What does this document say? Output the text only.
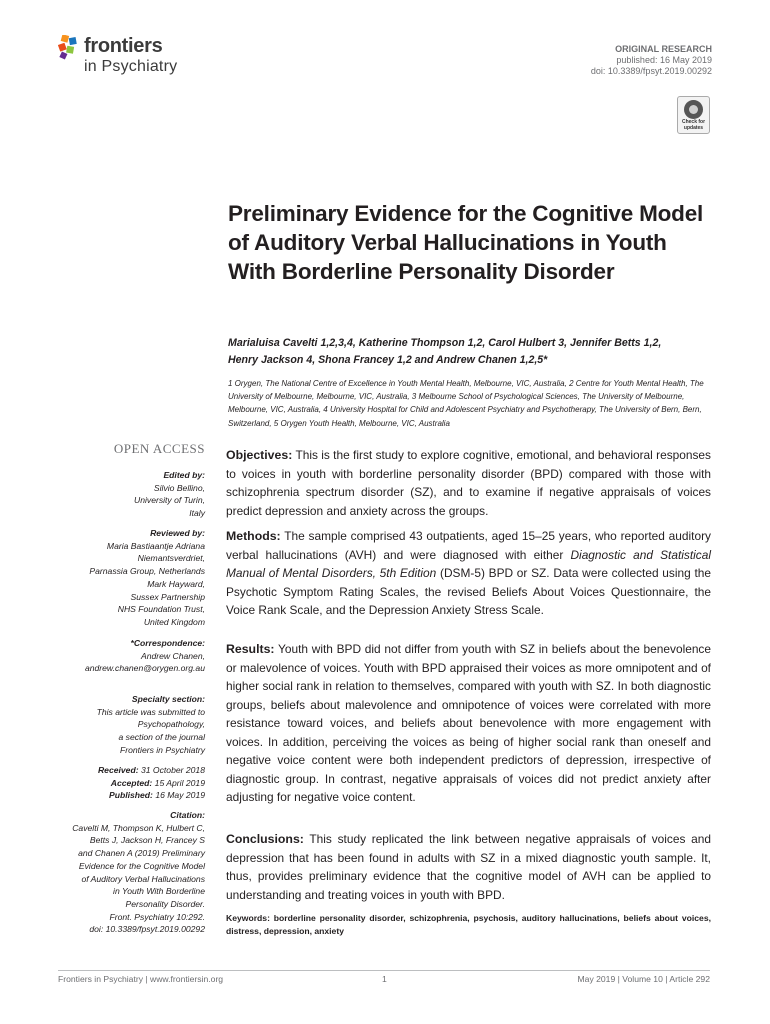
frontiers
in Psychiatry
ORIGINAL RESEARCH
published: 16 May 2019
doi: 10.3389/fpsyt.2019.00292
Check for
updates
Preliminary Evidence for the Cognitive Model of Auditory Verbal Hallucinations in Youth With Borderline Personality Disorder
Marialuisa Cavelti 1,2,3,4, Katherine Thompson 1,2, Carol Hulbert 3, Jennifer Betts 1,2,
Henry Jackson 4, Shona Francey 1,2 and Andrew Chanen 1,2,5*
1 Orygen, The National Centre of Excellence in Youth Mental Health, Melbourne, VIC, Australia, 2 Centre for Youth Mental Health, The University of Melbourne, Melbourne, VIC, Australia, 3 Melbourne School of Psychological Sciences, The University of Melbourne, Melbourne, VIC, Australia, 4 University Hospital for Child and Adolescent Psychiatry and Psychotherapy, The University of Bern, Bern, Switzerland, 5 Orygen Youth Health, Melbourne, VIC, Australia
OPEN ACCESS
Edited by:
Silvio Bellino,
University of Turin,
Italy
Reviewed by:
Maria Bastiaantje Adriana
Niemantsverdriet,
Parnassia Group, Netherlands
Mark Hayward,
Sussex Partnership
NHS Foundation Trust,
United Kingdom
*Correspondence:
Andrew Chanen,
andrew.chanen@orygen.org.au
Specialty section:
This article was submitted to
Psychopathology,
a section of the journal
Frontiers in Psychiatry
Received: 31 October 2018
Accepted: 15 April 2019
Published: 16 May 2019
Citation:
Cavelti M, Thompson K, Hulbert C,
Betts J, Jackson H, Francey S
and Chanen A (2019) Preliminary
Evidence for the Cognitive Model
of Auditory Verbal Hallucinations
in Youth With Borderline
Personality Disorder.
Front. Psychiatry 10:292.
doi: 10.3389/fpsyt.2019.00292
Objectives: This is the first study to explore cognitive, emotional, and behavioral responses to voices in youth with borderline personality disorder (BPD) compared with those with schizophrenia spectrum disorder (SZ), and to examine if negative appraisals of voices predict depression and anxiety across the groups.
Methods: The sample comprised 43 outpatients, aged 15–25 years, who reported auditory verbal hallucinations (AVH) and were diagnosed with either Diagnostic and Statistical Manual of Mental Disorders, 5th Edition (DSM-5) BPD or SZ. Data were collected using the Psychotic Symptom Rating Scales, the revised Beliefs About Voices Questionnaire, the Voice Rank Scale, and the Depression Anxiety Stress Scale.
Results: Youth with BPD did not differ from youth with SZ in beliefs about the benevolence or malevolence of voices. Youth with BPD appraised their voices as more omnipotent and of higher social rank in relation to themselves, compared with youth with SZ. In both diagnostic groups, beliefs about malevolence and omnipotence of voices were correlated with more resistance toward voices, and beliefs about benevolence with more engagement with voices. In addition, perceiving the voices as being of higher social rank than oneself and negative voice content were both independent predictors of depression, irrespective of diagnostic group. In contrast, negative appraisals of voices did not predict anxiety after adjusting for negative voice content.
Conclusions: This study replicated the link between negative appraisals of voices and depression that has been found in adults with SZ in a mixed diagnostic youth sample. It, thus, provides preliminary evidence that the cognitive model of AVH can be applied to understanding and treating voices in youth with BPD.
Keywords: borderline personality disorder, schizophrenia, psychosis, auditory hallucinations, beliefs about voices, distress, depression, anxiety
Frontiers in Psychiatry | www.frontiersin.org	1	May 2019 | Volume 10 | Article 292
